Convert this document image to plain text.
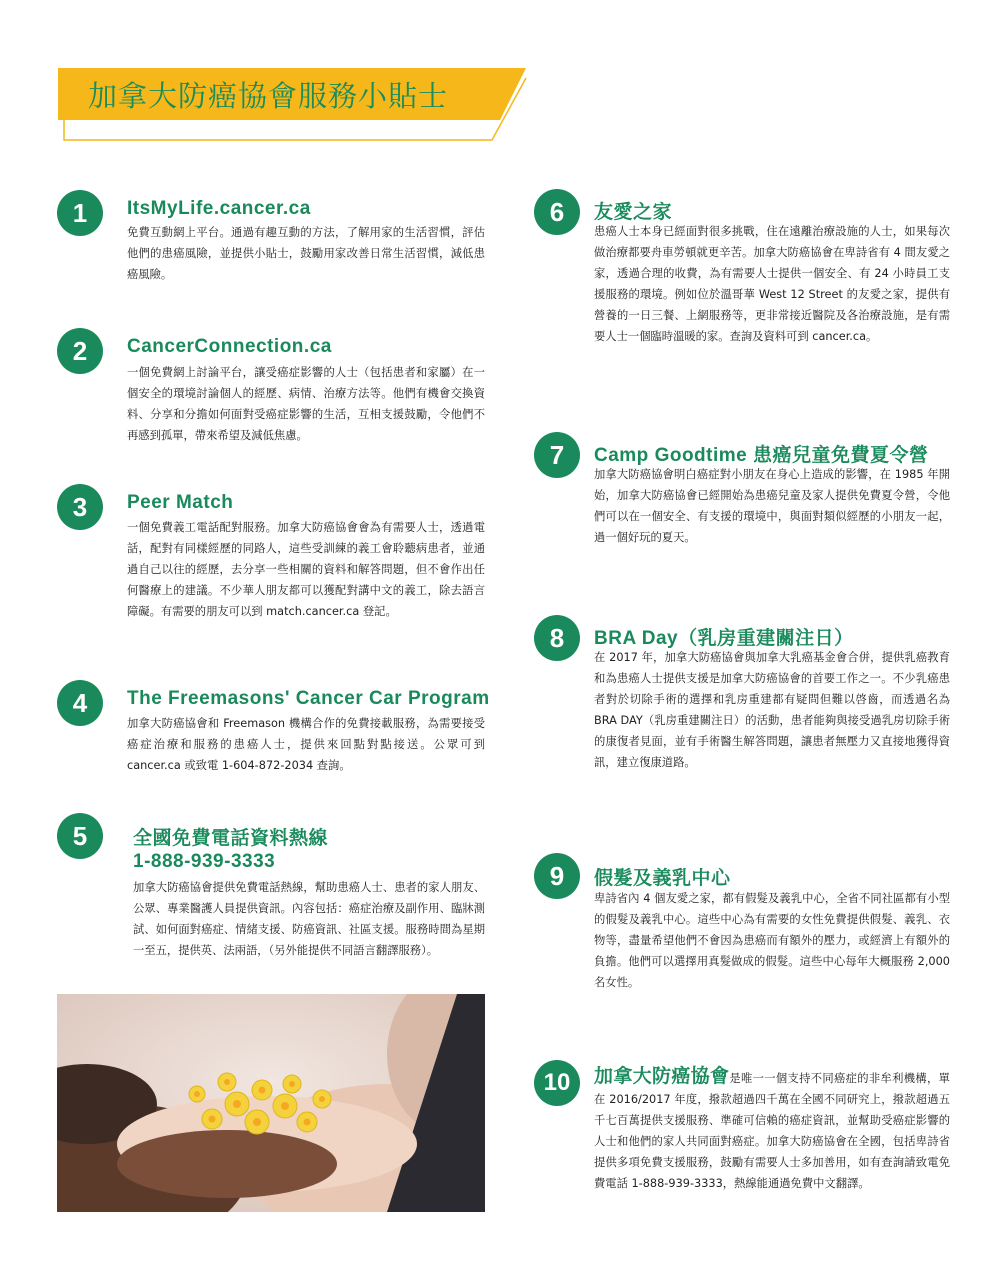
加拿大防癌協會服務小貼士
1	ItsMyLife.cancer.ca
免費互動網上平台。通過有趣互動的方法，了解用家的生活習慣，評估他們的患癌風險，並提供小貼士，鼓勵用家改善日常生活習慣，減低患癌風險。
2	CancerConnection.ca
一個免費網上討論平台，讓受癌症影響的人士（包括患者和家屬）在一個安全的環境討論個人的經歷、病情、治療方法等。他們有機會交換資料、分享和分擔如何面對受癌症影響的生活，互相支援鼓勵，令他們不再感到孤單，帶來希望及減低焦慮。
3	Peer Match
一個免費義工電話配對服務。加拿大防癌協會會為有需要人士，透過電話，配對有同樣經歷的同路人，這些受訓練的義工會聆聽病患者，並通過自己以往的經歷，去分享一些相關的資料和解答問題，但不會作出任何醫療上的建議。不少華人朋友都可以獲配對講中文的義工，除去語言障礙。有需要的朋友可以到 match.cancer.ca 登記。
4	The Freemasons' Cancer Car Program
加拿大防癌協會和 Freemason 機構合作的免費接載服務，為需要接受癌症治療和服務的患癌人士，提供來回點對點接送。公眾可到 cancer.ca 或致電 1-604-872-2034 查詢。
5	全國免費電話資料熱線
1-888-939-3333
加拿大防癌協會提供免費電話熱線，幫助患癌人士、患者的家人朋友、公眾、專業醫護人員提供資訊。內容包括：癌症治療及副作用、臨牀測試、如何面對癌症、情緒支援、防癌資訊、社區支援。服務時間為星期一至五，提供英、法兩語，（另外能提供不同語言翻譯服務）。
6	友愛之家
患癌人士本身已經面對很多挑戰，住在遠離治療設施的人士，如果每次做治療都要舟車勞頓就更辛苦。加拿大防癌協會在卑詩省有 4 間友愛之家，透過合理的收費，為有需要人士提供一個安全、有 24 小時員工支援服務的環境。例如位於溫哥華 West 12 Street 的友愛之家，提供有營養的一日三餐、上網服務等，更非常接近醫院及各治療設施，是有需要人士一個臨時溫暖的家。查詢及資料可到 cancer.ca。
7	Camp Goodtime 患癌兒童免費夏令營
加拿大防癌協會明白癌症對小朋友在身心上造成的影響，在 1985 年開始，加拿大防癌協會已經開始為患癌兒童及家人提供免費夏令營，令他們可以在一個安全、有支援的環境中，與面對類似經歷的小朋友一起，過一個好玩的夏天。
8	BRA Day（乳房重建關注日）
在 2017 年，加拿大防癌協會與加拿大乳癌基金會合併，提供乳癌教育和為患癌人士提供支援是加拿大防癌協會的首要工作之一。不少乳癌患者對於切除手術的選擇和乳房重建都有疑問但難以啓齒，而透過名為 BRA DAY（乳房重建關注日）的活動，患者能夠與接受過乳房切除手術的康復者見面，並有手術醫生解答問題，讓患者無壓力又直接地獲得資訊，建立復康道路。
9	假髮及義乳中心
卑詩省內 4 個友愛之家，都有假髮及義乳中心，全省不同社區都有小型的假髮及義乳中心。這些中心為有需要的女性免費提供假髮、義乳、衣物等，盡量希望他們不會因為患癌而有額外的壓力，或經濟上有額外的負擔。他們可以選擇用真髮做成的假髮。這些中心每年大概服務 2,000 名女性。
10	加拿大防癌協會是唯一一個支持不同癌症的非牟利機構，單在 2016/2017 年度，撥款超過四千萬在全國不同研究上，撥款超過五千七百萬提供支援服務、準確可信賴的癌症資訊，並幫助受癌症影響的人士和他們的家人共同面對癌症。加拿大防癌協會在全國，包括卑詩省提供多項免費支援服務，鼓勵有需要人士多加善用，如有查詢請致電免費電話 1-888-939-3333，熱線能通過免費中文翻譯。
